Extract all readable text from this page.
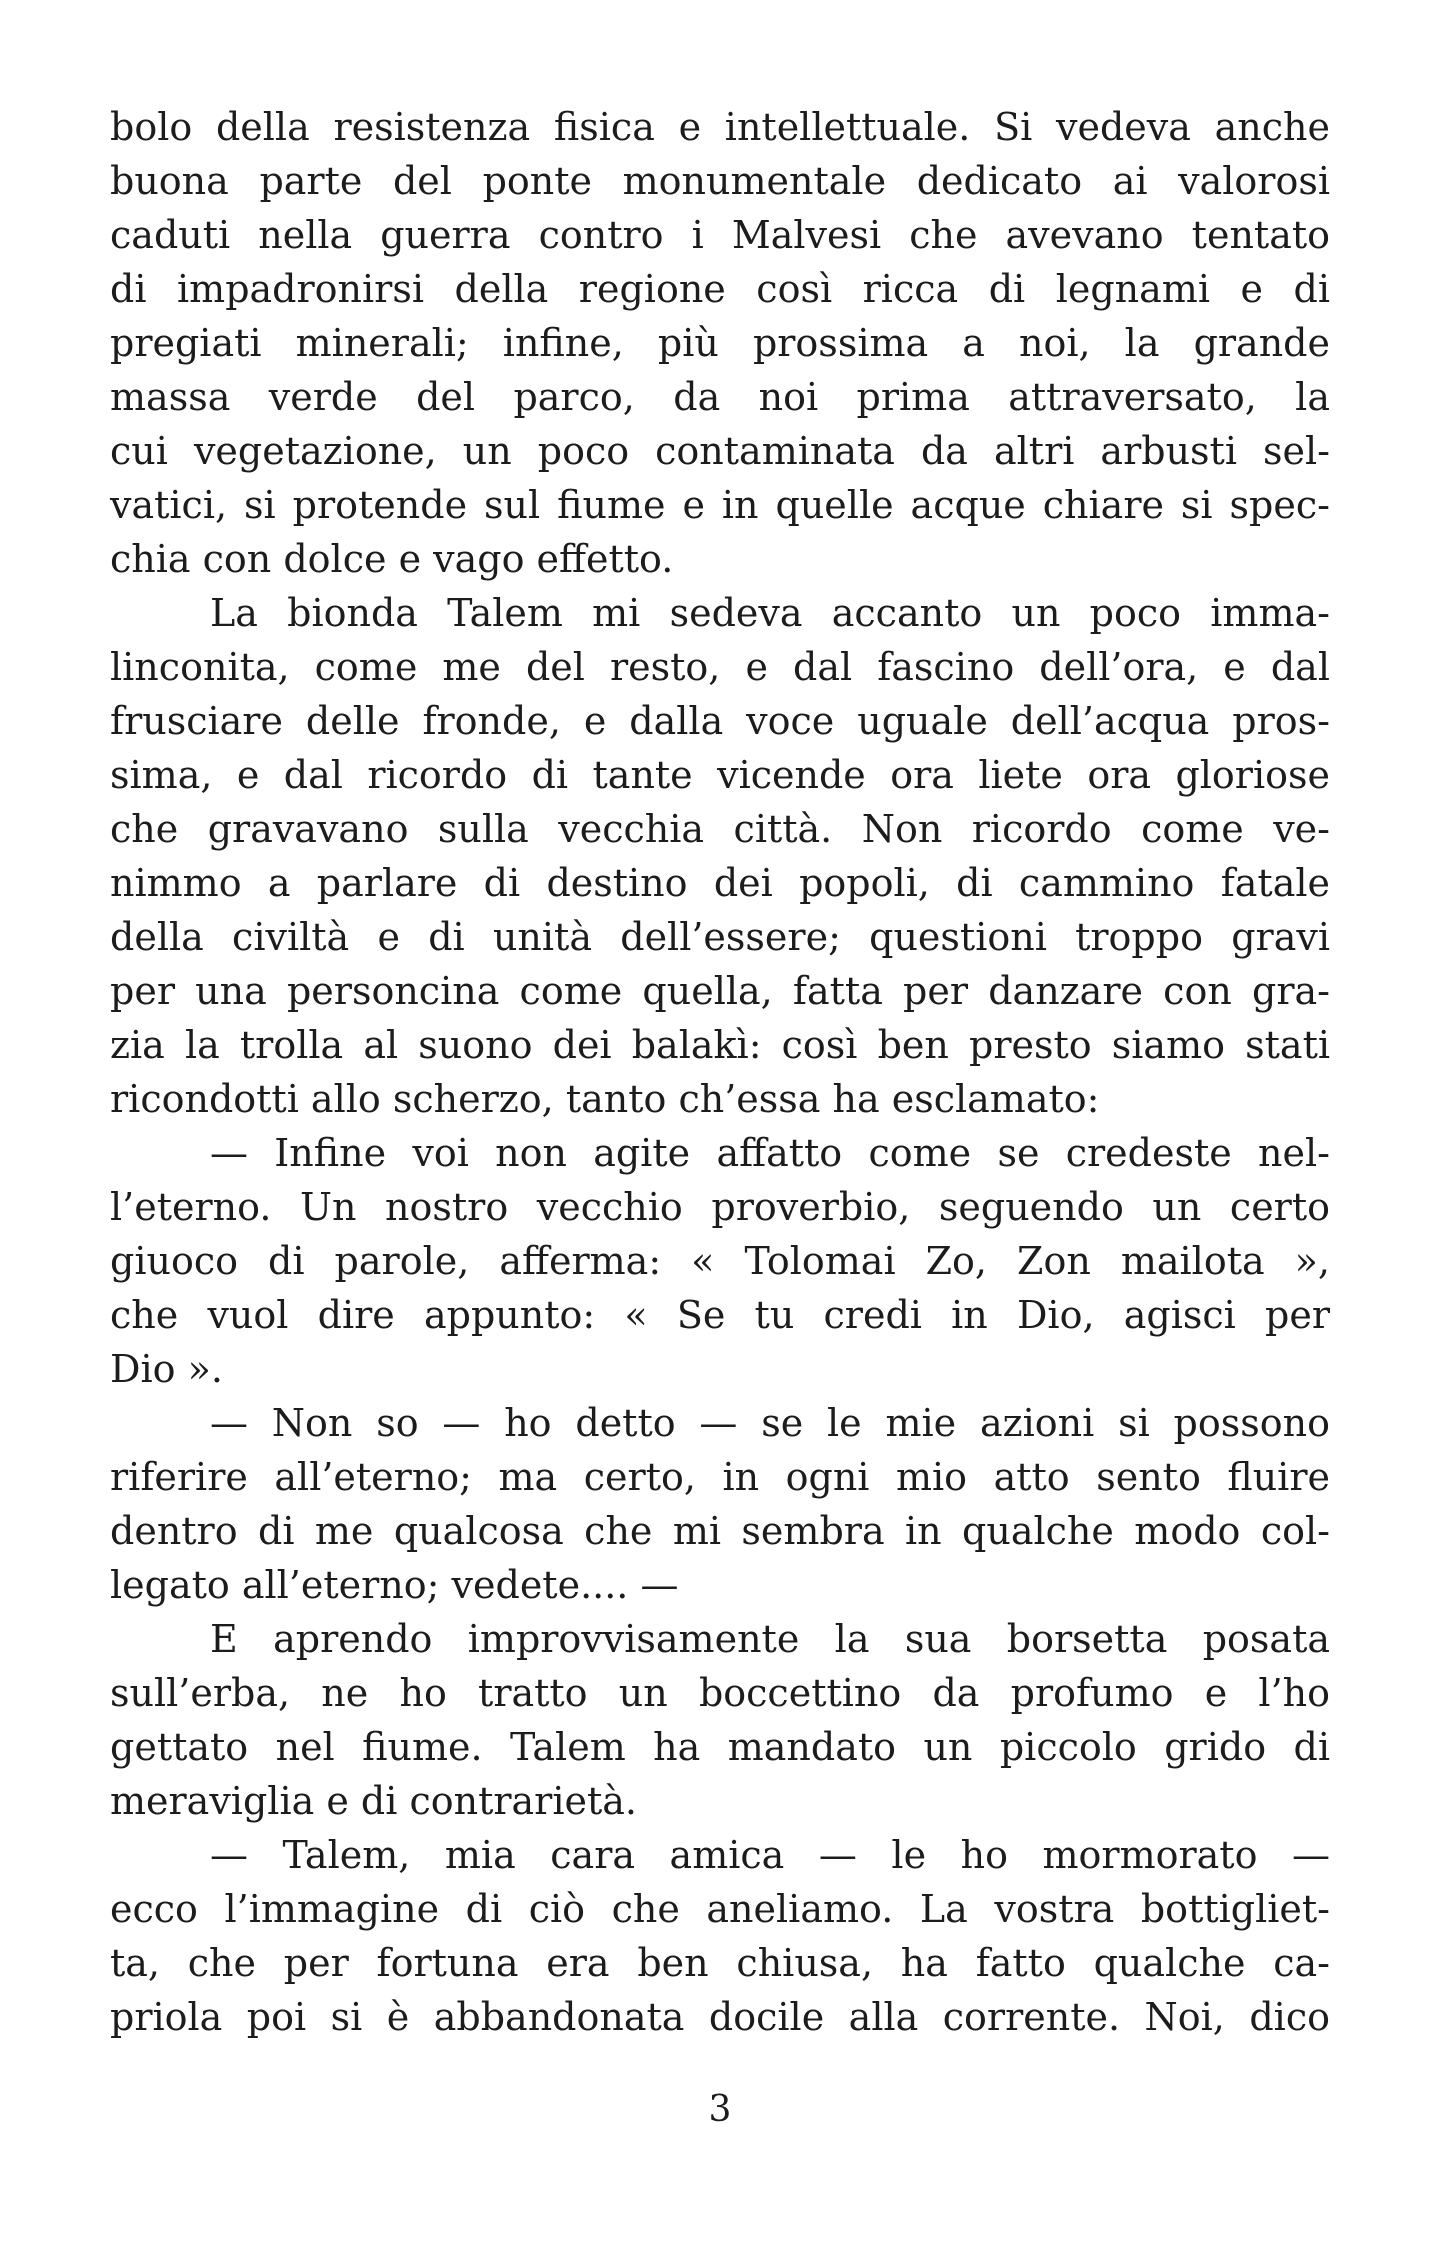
bolo della resistenza fisica e intellettuale. Si vedeva anche
buona parte del ponte monumentale dedicato ai valorosi
caduti nella guerra contro i Malvesi che avevano tentato
di impadronirsi della regione così ricca di legnami e di
pregiati minerali; infine, più prossima a noi, la grande
massa verde del parco, da noi prima attraversato, la
cui vegetazione, un poco contaminata da altri arbusti sel-
vatici, si protende sul fiume e in quelle acque chiare si spec-
chia con dolce e vago effetto.
La bionda Talem mi sedeva accanto un poco imma-
linconita, come me del resto, e dal fascino dell’ora, e dal
frusciare delle fronde, e dalla voce uguale dell’acqua pros-
sima, e dal ricordo di tante vicende ora liete ora gloriose
che gravavano sulla vecchia città. Non ricordo come ve-
nimmo a parlare di destino dei popoli, di cammino fatale
della civiltà e di unità dell’essere; questioni troppo gravi
per una personcina come quella, fatta per danzare con gra-
zia la trolla al suono dei balakì: così ben presto siamo stati
ricondotti allo scherzo, tanto ch’essa ha esclamato:
— Infine voi non agite affatto come se credeste nel-
l’eterno. Un nostro vecchio proverbio, seguendo un certo
giuoco di parole, afferma: « Tolomai Zo, Zon mailota »,
che vuol dire appunto: « Se tu credi in Dio, agisci per
Dio ».
— Non so — ho detto — se le mie azioni si possono
riferire all’eterno; ma certo, in ogni mio atto sento fluire
dentro di me qualcosa che mi sembra in qualche modo col-
legato all’eterno; vedete.... —
E aprendo improvvisamente la sua borsetta posata
sull’erba, ne ho tratto un boccettino da profumo e l’ho
gettato nel fiume. Talem ha mandato un piccolo grido di
meraviglia e di contrarietà.
— Talem, mia cara amica — le ho mormorato —
ecco l’immagine di ciò che aneliamo. La vostra bottigliet-
ta, che per fortuna era ben chiusa, ha fatto qualche ca-
priola poi si è abbandonata docile alla corrente. Noi, dico
3
